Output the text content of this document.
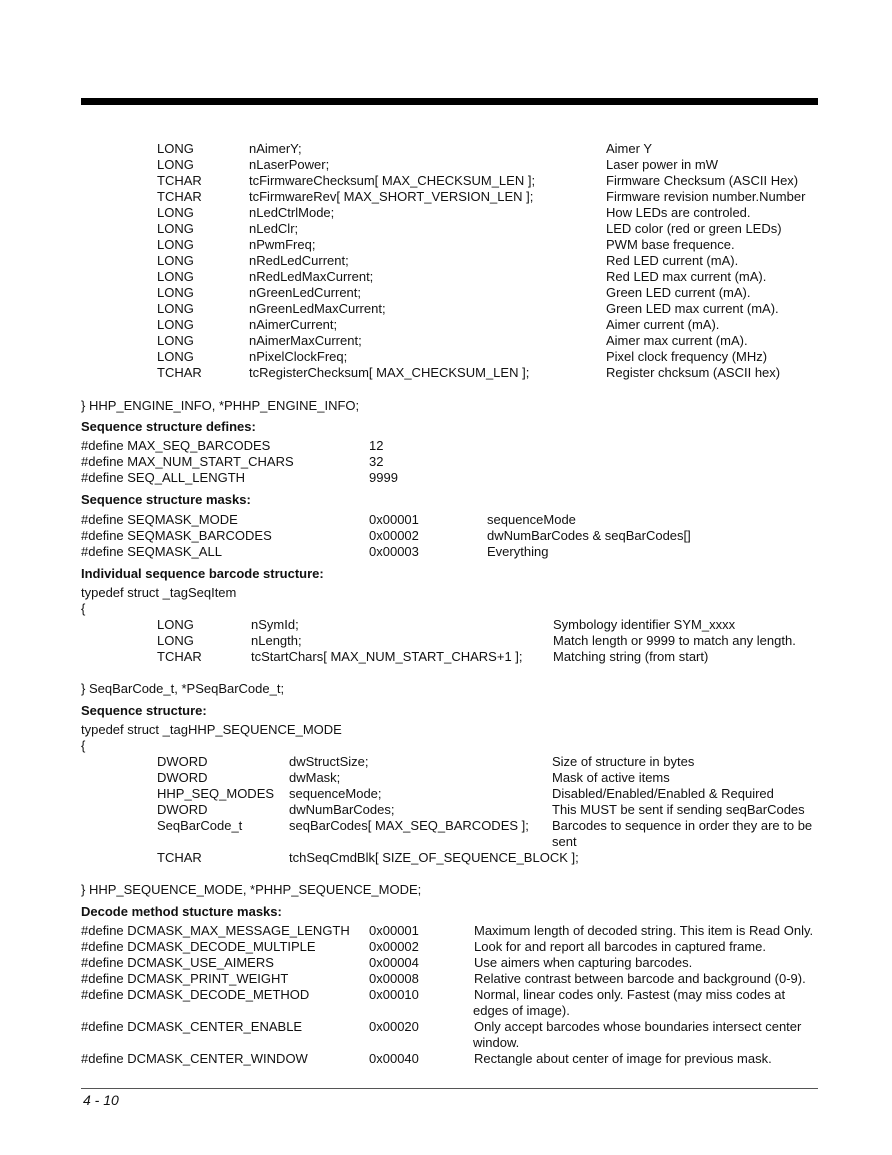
LONG	nAimerY;	Aimer Y
LONG	nLaserPower;	Laser power in mW
TCHAR	tcFirmwareChecksum[ MAX_CHECKSUM_LEN ];	Firmware Checksum (ASCII Hex)
TCHAR	tcFirmwareRev[ MAX_SHORT_VERSION_LEN ];	Firmware revision number.Number
LONG	nLedCtrlMode;	How LEDs are controled.
LONG	nLedClr;	LED color (red or green LEDs)
LONG	nPwmFreq;	PWM base frequence.
LONG	nRedLedCurrent;	Red LED current (mA).
LONG	nRedLedMaxCurrent;	Red LED max current (mA).
LONG	nGreenLedCurrent;	Green LED current (mA).
LONG	nGreenLedMaxCurrent;	Green LED max current (mA).
LONG	nAimerCurrent;	Aimer current (mA).
LONG	nAimerMaxCurrent;	Aimer max current (mA).
LONG	nPixelClockFreq;	Pixel clock frequency (MHz)
TCHAR	tcRegisterChecksum[ MAX_CHECKSUM_LEN ];	Register chcksum (ASCII hex)
} HHP_ENGINE_INFO, *PHHP_ENGINE_INFO;
Sequence structure defines:
#define MAX_SEQ_BARCODES	12
#define MAX_NUM_START_CHARS	32
#define SEQ_ALL_LENGTH	9999
Sequence structure masks:
#define SEQMASK_MODE	0x00001	sequenceMode
#define SEQMASK_BARCODES	0x00002	dwNumBarCodes & seqBarCodes[]
#define SEQMASK_ALL	0x00003	Everything
Individual sequence barcode structure:
typedef struct _tagSeqItem
{
LONG	nSymId;	Symbology identifier SYM_xxxx
LONG	nLength;	Match length or 9999 to match any length.
TCHAR	tcStartChars[ MAX_NUM_START_CHARS+1 ]; Matching string (from start)
} SeqBarCode_t, *PSeqBarCode_t;
Sequence structure:
typedef struct _tagHHP_SEQUENCE_MODE
{
DWORD	dwStructSize;	Size of structure in bytes
DWORD	dwMask;	Mask of active items
HHP_SEQ_MODES sequenceMode;	Disabled/Enabled/Enabled & Required
DWORD	dwNumBarCodes;	This MUST be sent if sending seqBarCodes
SeqBarCode_t	seqBarCodes[ MAX_SEQ_BARCODES ]; Barcodes to sequence in order they are to be
sent
TCHAR	tchSeqCmdBlk[ SIZE_OF_SEQUENCE_BLOCK ];
} HHP_SEQUENCE_MODE, *PHHP_SEQUENCE_MODE;
Decode method stucture masks:
#define DCMASK_MAX_MESSAGE_LENGTH 0x00001	Maximum length of decoded string. This item is Read Only.
#define DCMASK_DECODE_MULTIPLE	0x00002	Look for and report all barcodes in captured frame.
#define DCMASK_USE_AIMERS	0x00004	Use aimers when capturing barcodes.
#define DCMASK_PRINT_WEIGHT	0x00008	Relative contrast between barcode and background (0-9).
#define DCMASK_DECODE_METHOD	0x00010	Normal, linear codes only. Fastest (may miss codes at
edges of image).
#define DCMASK_CENTER_ENABLE	0x00020	Only accept barcodes whose boundaries intersect center
window.
#define DCMASK_CENTER_WINDOW	0x00040	Rectangle about center of image for previous mask.
4 - 10
